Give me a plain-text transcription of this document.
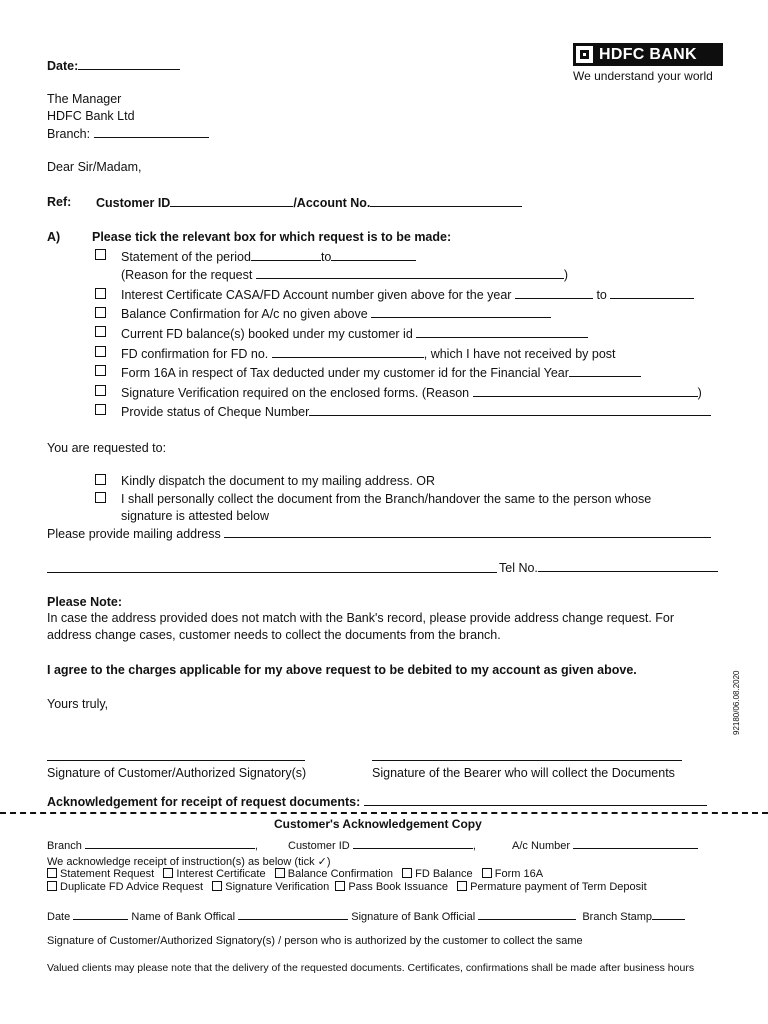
Date:
HDFC BANK
We understand your world
The Manager
HDFC Bank Ltd
Branch:
Dear Sir/Madam,
Ref: Customer ID	/Account No.
A)	Please tick the relevant box for which request is to be made:
Statement of the period	to
(Reason for the request	)
Interest Certificate CASA/FD Account number given above for the year	to
Balance Confirmation for A/c no given above
Current FD balance(s) booked under my customer id
FD confirmation for FD no.	, which I have not received by post
Form 16A in respect of Tax deducted under my customer id for the Financial Year
Signature Verification required on the enclosed forms. (Reason	)
Provide status of Cheque Number
You are requested to:
Kindly dispatch the document to my mailing address. OR
I shall personally collect the document from the Branch/handover the same to the person whose
signature is attested below
Please provide mailing address
Tel No.
Please Note:
In case the address provided does not match with the Bank's record, please provide address change request. For
address change cases, customer needs to collect the documents from the branch.
I agree to the charges applicable for my above request to be debited to my account as given above.
Yours truly,
Signature of Customer/Authorized Signatory(s)	Signature of the Bearer who will collect the Documents
92180/06.08.2020
Acknowledgement for receipt of request documents:
Customer's Acknowledgement Copy
Branch	,	Customer ID	,	A/c Number
We acknowledge receipt of instruction(s) as below (tick ✓)
Statement Request Interest Certificate Balance Confirmation FD Balance Form 16A
Duplicate FD Advice Request Signature Verification Pass Book Issuance Permature payment of Term Deposit
Date	Name of Bank Offical	Signature of Bank Official	Branch Stamp
Signature of Customer/Authorized Signatory(s) / person who is authorized by the customer to collect the same
Valued clients may please note that the delivery of the requested documents. Certificates, confirmations shall be made after business hours
